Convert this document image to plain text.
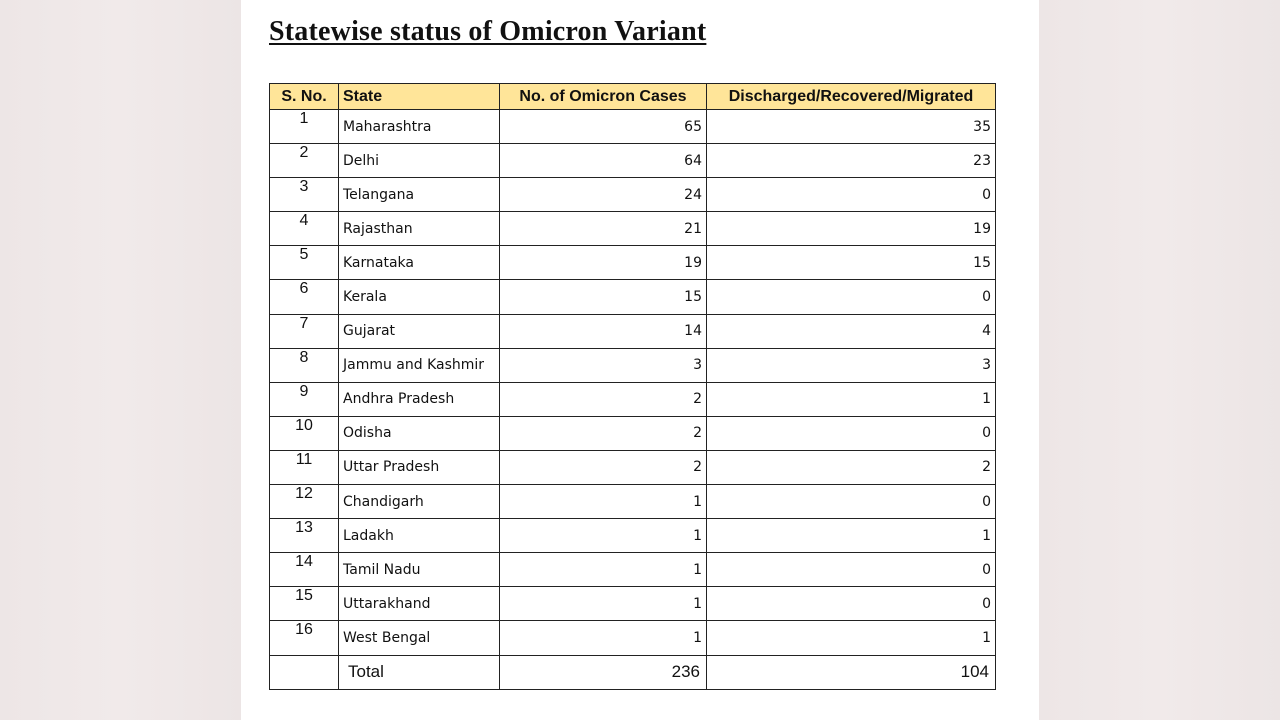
Statewise status of Omicron Variant
S. No.	State	No. of Omicron Cases	Discharged/Recovered/Migrated
1	Maharashtra	65	35
2	Delhi	64	23
3	Telangana	24	0
4	Rajasthan	21	19
5	Karnataka	19	15
6	Kerala	15	0
7	Gujarat	14	4
8	Jammu and Kashmir	3	3
9	Andhra Pradesh	2	1
10	Odisha	2	0
11	Uttar Pradesh	2	2
12	Chandigarh	1	0
13	Ladakh	1	1
14	Tamil Nadu	1	0
15	Uttarakhand	1	0
16	West Bengal	1	1
	Total	236	104
